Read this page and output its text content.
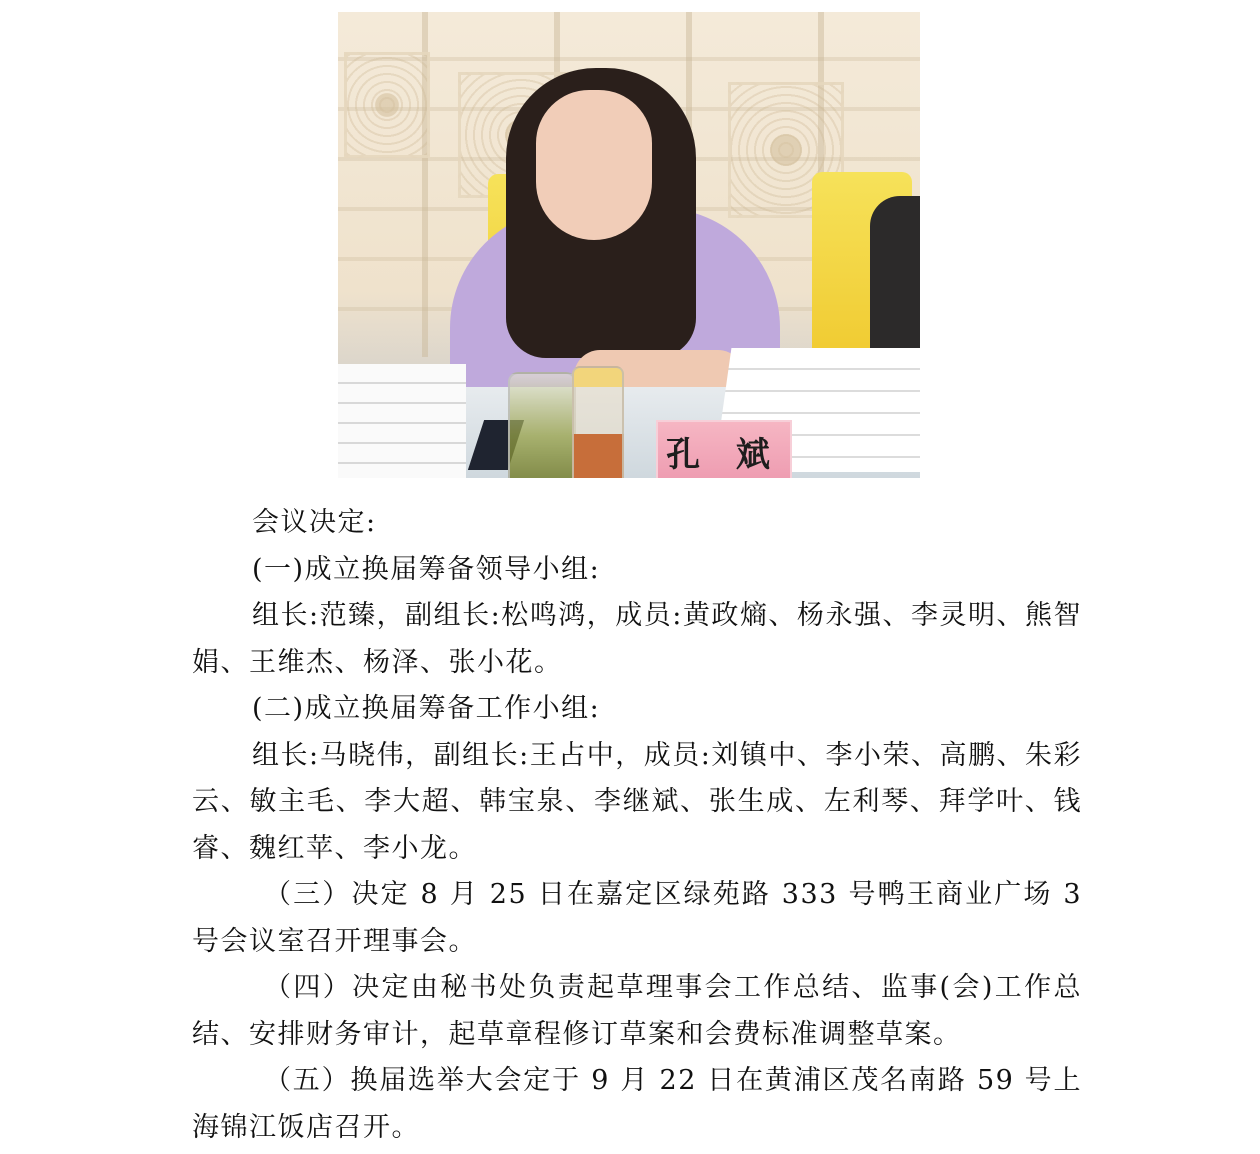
孔 斌

会议决定:

(一)成立换届筹备领导小组:

组长:范臻，副组长:松鸣鸿，成员:黄政熵、杨永强、李灵明、熊智娟、王维杰、杨泽、张小花。

(二)成立换届筹备工作小组:

组长:马晓伟，副组长:王占中，成员:刘镇中、李小荣、高鹏、朱彩云、敏主毛、李大超、韩宝泉、李继斌、张生成、左利琴、拜学叶、钱睿、魏红苹、李小龙。

（三）决定 8 月 25 日在嘉定区绿苑路 333 号鸭王商业广场 3 号会议室召开理事会。

（四）决定由秘书处负责起草理事会工作总结、监事(会)工作总结、安排财务审计，起草章程修订草案和会费标准调整草案。

（五）换届选举大会定于 9 月 22 日在黄浦区茂名南路 59 号上海锦江饭店召开。
